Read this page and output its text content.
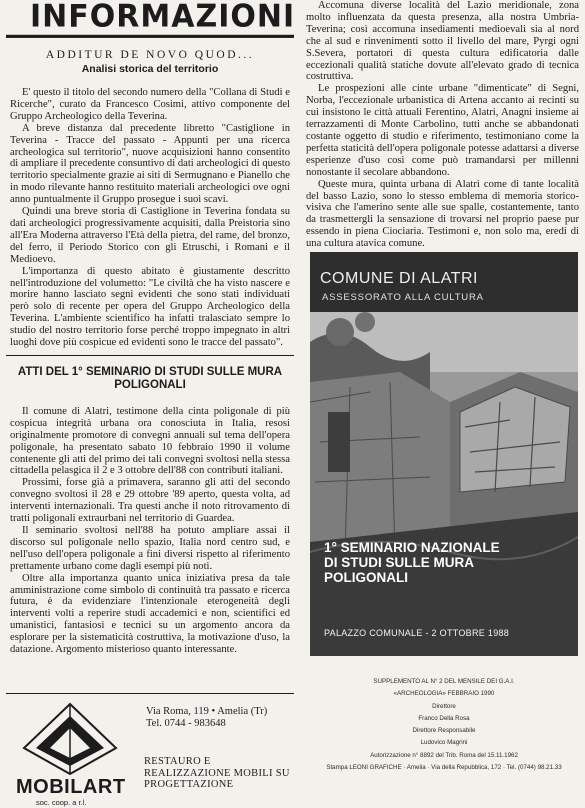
INFORMAZIONI
ADDITUR DE NOVO QUOD...
Analisi storica del territorio

E' questo il titolo del secondo numero della "Collana di Studi e Ricerche", curato da Francesco Cosimi, attivo componente del Gruppo Archeologico della Teverina.

A breve distanza dal precedente libretto "Castiglione in Teverina - Tracce del passato - Appunti per una ricerca archeologica sul territorio", nuove acquisizioni hanno consentito di ampliare il precedente consuntivo di dati archeologici di questo territorio specialmente grazie ai siti di Sermugnano e Pianello che in modo rilevante hanno restituito materiali archeologici ove ogni anno puntualmente il Gruppo prosegue i suoi scavi.

Quindi una breve storia di Castiglione in Teverina fondata su dati archeologici progressivamente acquisiti, dalla Preistoria sino all'Era Moderna attraverso l'Età della pietra, del rame, del bronzo, del ferro, il Periodo Storico con gli Etruschi, i Romani e il Medioevo.

L'importanza di questo abitato è giustamente descritto nell'introduzione del volumetto: "Le civiltà che ha visto nascere e morire hanno lasciato segni evidenti che sono stati individuati però solo di recente per opera del Gruppo Archeologico della Teverina. L'ambiente scientifico ha infatti tralasciato sempre lo studio del nostro territorio forse perché troppo impegnato in altri luoghi dove più cospicue ed evidenti sono le tracce del passato".

ATTI DEL 1° SEMINARIO DI STUDI SULLE MURA POLIGONALI

Il comune di Alatri, testimone della cinta poligonale di più cospicua integrità urbana ora conosciuta in Italia, resosi originalmente promotore di convegni annuali sul tema dell'opera poligonale, ha presentato sabato 10 febbraio 1990 il volume contenente gli atti del primo dei tali convegni svoltosi nella stessa cittadella pelasgica il 2 e 3 ottobre dell'88 con contributi italiani.

Prossimi, forse già a primavera, saranno gli atti del secondo convegno svoltosi il 28 e 29 ottobre '89 aperto, questa volta, ad interventi internazionali. Tra questi anche il noto ritrovamento di tratti poligonali extraurbani nel territorio di Guardea.

Il seminario svoltosi nell'88 ha potuto ampliare assai il discorso sul poligonale nello spazio, Italia nord centro sud, e nell'uso dell'opera poligonale a fini diversi rispetto al riferimento prettamente urbano come dagli esempi più noti.

Oltre alla importanza quanto unica iniziativa presa da tale amministrazione come simbolo di continuità tra passato e ricerca futura, è da evidenziare l'intenzionale eterogeneità degli interventi volti a reperire studi accademici e non, scientifici ed umanistici, fantasiosi e tecnici su un argomento ancora da esplorare per la sistematicità costruttiva, la motivazione d'uso, la datazione. Argomento misterioso quanto interessante.

Accomuna diverse località del Lazio meridionale, zona molto influenzata da questa presenza, alla nostra Umbria-Teverina; così accomuna insediamenti medioevali sia al nord che al sud e rinvenimenti sotto il livello del mare, Pyrgi ogni S.Severa, portatori di questa cultura edificatoria dalle eccezionali qualità statiche dovute all'elevato grado di tecnica costruttiva.

Le prospezioni alle cinte urbane "dimenticate" di Segni, Norba, l'eccezionale urbanistica di Artena accanto ai recinti su cui insistono le città attuali Ferentino, Alatri, Anagni insieme ai terrazzamenti di Monte Carbolino, tutti anche se abbandonati costante oggetto di studio e riferimento, testimoniano come la perfetta staticità dell'opera poligonale potesse adattarsi a diverse esperienze d'uso così come può tramandarsi per millenni nonostante il secolare abbandono.

Queste mura, quinta urbana di Alatri come di tante località del basso Lazio, sono lo stesso emblema di memoria storico-visiva che l'amerino sente alle sue spalle, costantemente, tanto da trasmettergli la sensazione di trovarsi nel proprio paese pur essendo in piena Ciociaria. Testimoni e, non solo ma, eredi di una cultura atavica comune.

COMUNE DI ALATRI
ASSESSORATO ALLA CULTURA
1° SEMINARIO NAZIONALE
DI STUDI SULLE MURA
POLIGONALI
PALAZZO COMUNALE - 2 OTTOBRE 1988
MOBILART
soc. coop. a r.l.
Via Roma, 119 • Amelia (Tr)
Tel. 0744 - 983648
RESTAURO E REALIZZAZIONE MOBILI SU PROGETTAZIONE
SUPPLEMENTO AL N° 2 DEL MENSILE DEI G.A.I.
«ARCHEOLOGIA» FEBBRAIO 1990
Direttore
Franco Della Rosa
Direttore Responsabile
Ludovico Magrini
Autorizzazione n° 8892 del Trib. Roma del 15.11.1962
Stampa LEONI GRAFICHE · Amelia · Via della Repubblica, 172 · Tel. (0744) 98.21.33
